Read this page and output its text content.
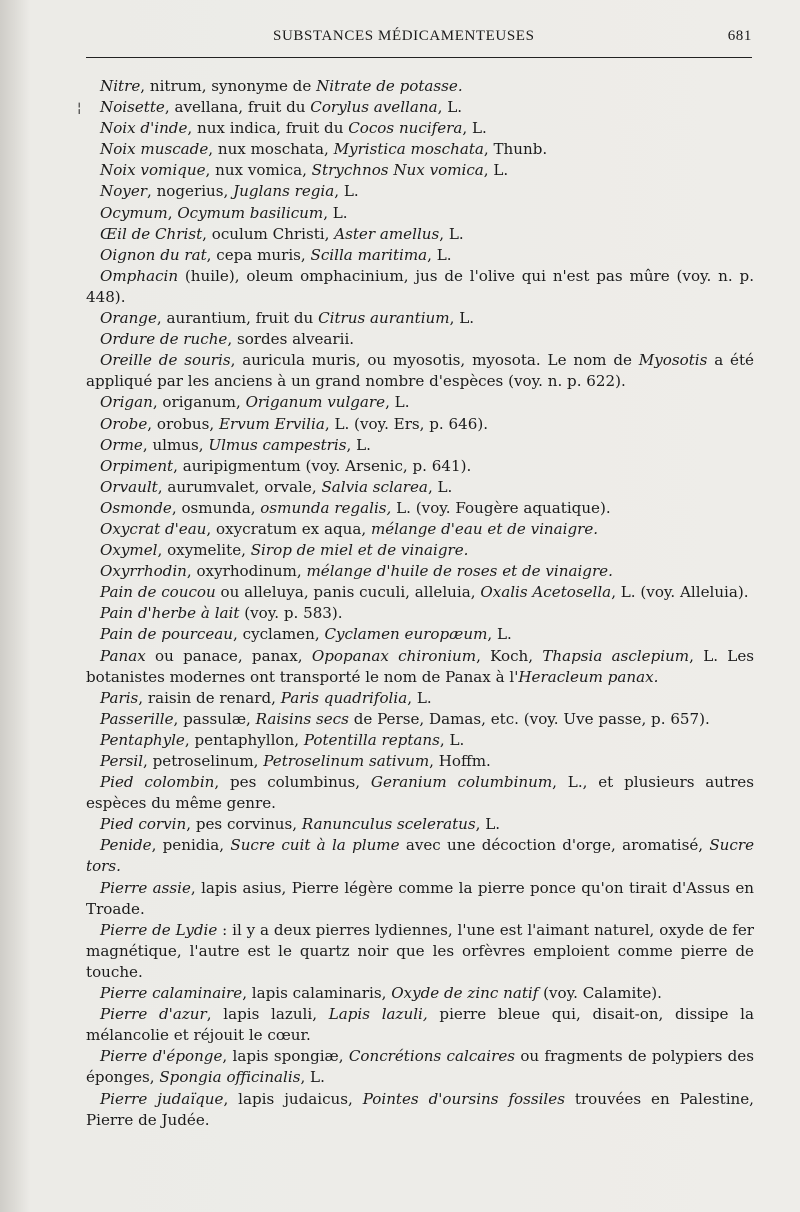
SUBSTANCES MÉDICAMENTEUSES	681
¦

Nitre, nitrum, synonyme de Nitrate de potasse.

Noisette, avellana, fruit du Corylus avellana, L.

Noix d'inde, nux indica, fruit du Cocos nucifera, L.

Noix muscade, nux moschata, Myristica moschata, Thunb.

Noix vomique, nux vomica, Strychnos Nux vomica, L.

Noyer, nogerius, Juglans regia, L.

Ocymum, Ocymum basilicum, L.

Œil de Christ, oculum Christi, Aster amellus, L.

Oignon du rat, cepa muris, Scilla maritima, L.

Omphacin (huile), oleum omphacinium, jus de l'olive qui n'est pas mûre (voy. n. p. 448).

Orange, aurantium, fruit du Citrus aurantium, L.

Ordure de ruche, sordes alvearii.

Oreille de souris, auricula muris, ou myosotis, myosota. Le nom de Myosotis a été appliqué par les anciens à un grand nombre d'espèces (voy. n. p. 622).

Origan, origanum, Origanum vulgare, L.

Orobe, orobus, Ervum Ervilia, L. (voy. Ers, p. 646).

Orme, ulmus, Ulmus campestris, L.

Orpiment, auripigmentum (voy. Arsenic, p. 641).

Orvault, aurumvalet, orvale, Salvia sclarea, L.

Osmonde, osmunda, osmunda regalis, L. (voy. Fougère aquatique).

Oxycrat d'eau, oxycratum ex aqua, mélange d'eau et de vinaigre.

Oxymel, oxymelite, Sirop de miel et de vinaigre.

Oxyrrhodin, oxyrhodinum, mélange d'huile de roses et de vinaigre.

Pain de coucou ou alleluya, panis cuculi, alleluia, Oxalis Acetosella, L. (voy. Alleluia).

Pain d'herbe à lait (voy. p. 583).

Pain de pourceau, cyclamen, Cyclamen europæum, L.

Panax ou panace, panax, Opopanax chironium, Koch, Thapsia asclepium, L. Les botanistes modernes ont transporté le nom de Panax à l'Heracleum panax.

Paris, raisin de renard, Paris quadrifolia, L.

Passerille, passulæ, Raisins secs de Perse, Damas, etc. (voy. Uve passe, p. 657).

Pentaphyle, pentaphyllon, Potentilla reptans, L.

Persil, petroselinum, Petroselinum sativum, Hoffm.

Pied colombin, pes columbinus, Geranium columbinum, L., et plusieurs autres espèces du même genre.

Pied corvin, pes corvinus, Ranunculus sceleratus, L.

Penide, penidia, Sucre cuit à la plume avec une décoction d'orge, aromatisé, Sucre tors.

Pierre assie, lapis asius, Pierre légère comme la pierre ponce qu'on tirait d'Assus en Troade.

Pierre de Lydie : il y a deux pierres lydiennes, l'une est l'aimant naturel, oxyde de fer magnétique, l'autre est le quartz noir que les orfèvres emploient comme pierre de touche.

Pierre calaminaire, lapis calaminaris, Oxyde de zinc natif (voy. Calamite).

Pierre d'azur, lapis lazuli, Lapis lazuli, pierre bleue qui, disait-on, dissipe la mélancolie et réjouit le cœur.

Pierre d'éponge, lapis spongiæ, Concrétions calcaires ou fragments de polypiers des éponges, Spongia officinalis, L.

Pierre judaïque, lapis judaicus, Pointes d'oursins fossiles trouvées en Palestine, Pierre de Judée.
